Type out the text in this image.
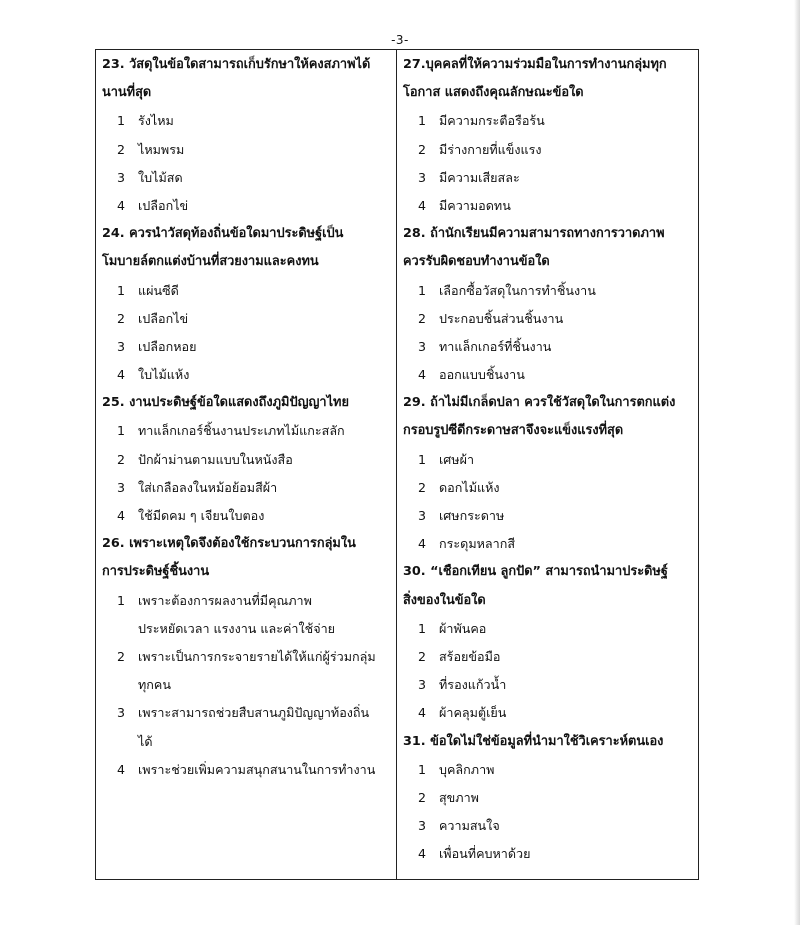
-3-
23. วัสดุในข้อใดสามารถเก็บรักษาให้คงสภาพได้
นานที่สุด
1 รังไหม
2 ไหมพรม
3 ใบไม้สด
4 เปลือกไข่
24. ควรนำวัสดุท้องถิ่นข้อใดมาประดิษฐ์เป็น
โมบายล์ตกแต่งบ้านที่สวยงามและคงทน
1 แผ่นซีดี
2 เปลือกไข่
3 เปลือกหอย
4 ใบไม้แห้ง
25. งานประดิษฐ์ข้อใดแสดงถึงภูมิปัญญาไทย
1 ทาแล็กเกอร์ชิ้นงานประเภทไม้แกะสลัก
2 ปักผ้าม่านตามแบบในหนังสือ
3 ใส่เกลือลงในหม้อย้อมสีผ้า
4 ใช้มีดคม ๆ เจียนใบตอง
26. เพราะเหตุใดจึงต้องใช้กระบวนการกลุ่มใน
การประดิษฐ์ชิ้นงาน
1 เพราะต้องการผลงานที่มีคุณภาพ
ประหยัดเวลา แรงงาน และค่าใช้จ่าย
2 เพราะเป็นการกระจายรายได้ให้แก่ผู้ร่วมกลุ่ม
ทุกคน
3 เพราะสามารถช่วยสืบสานภูมิปัญญาท้องถิ่น
ได้
4 เพราะช่วยเพิ่มความสนุกสนานในการทำงาน
27.บุคคลที่ให้ความร่วมมือในการทำงานกลุ่มทุก
โอกาส แสดงถึงคุณลักษณะข้อใด
1 มีความกระตือรือร้น
2 มีร่างกายที่แข็งแรง
3 มีความเสียสละ
4 มีความอดทน
28. ถ้านักเรียนมีความสามารถทางการวาดภาพ
ควรรับผิดชอบทำงานข้อใด
1 เลือกซื้อวัสดุในการทำชิ้นงาน
2 ประกอบชิ้นส่วนชิ้นงาน
3 ทาแล็กเกอร์ที่ชิ้นงาน
4 ออกแบบชิ้นงาน
29. ถ้าไม่มีเกล็ดปลา ควรใช้วัสดุใดในการตกแต่ง
กรอบรูปซีดีกระดาษสาจึงจะแข็งแรงที่สุด
1 เศษผ้า
2 ดอกไม้แห้ง
3 เศษกระดาษ
4 กระดุมหลากสี
30. “เชือกเทียน ลูกปัด” สามารถนำมาประดิษฐ์
สิ่งของในข้อใด
1 ผ้าพันคอ
2 สร้อยข้อมือ
3 ที่รองแก้วน้ำ
4 ผ้าคลุมตู้เย็น
31. ข้อใดไม่ใช่ข้อมูลที่นำมาใช้วิเคราะห์ตนเอง
1 บุคลิกภาพ
2 สุขภาพ
3 ความสนใจ
4 เพื่อนที่คบหาด้วย
